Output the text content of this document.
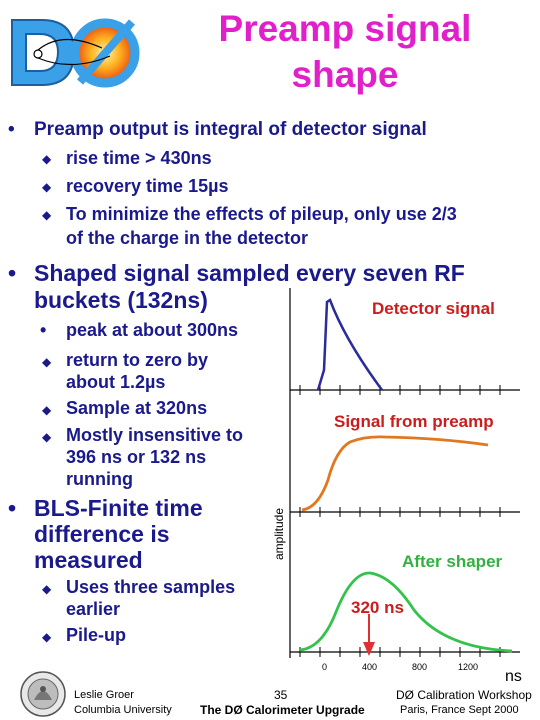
Preamp signal
shape
• Preamp output is integral of detector signal
◆ rise time > 430ns
◆ recovery time 15µs
◆ To minimize the effects of pileup, only use 2/3
of the charge in the detector
• Shaped signal sampled every seven RF
buckets (132ns)
• peak at about 300ns
◆ return to zero by
about 1.2µs
◆ Sample at 320ns
◆ Mostly insensitive to
396 ns or 132 ns
running
• BLS-Finite time
difference is
measured
◆ Uses three samples
earlier
◆ Pile-up
Detector signal
Signal from preamp
After shaper
320 ns
amplitude
0	400	800	1200
ns
Leslie Groer
Columbia University
35
The DØ Calorimeter Upgrade
DØ Calibration Workshop
Paris, France Sept 2000
